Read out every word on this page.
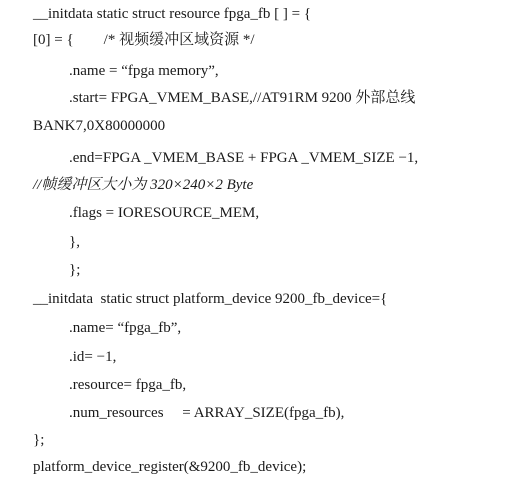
__initdata static struct resource fpga_fb [ ] = {
[0] = {        /* 视频缓冲区域资源 */
.name = “fpga memory”,
.start= FPGA_VMEM_BASE,//AT91RM 9200 外部总线
BANK7,0X80000000
.end=FPGA _VMEM_BASE + FPGA _VMEM_SIZE −1,
//帧缓冲区大小为 320×240×2 Byte
.flags = IORESOURCE_MEM,
},
};
__initdata  static struct platform_device 9200_fb_device={
.name= “fpga_fb”,
.id= −1,
.resource= fpga_fb,
.num_resources     = ARRAY_SIZE(fpga_fb),
};
platform_device_register(&9200_fb_device);
